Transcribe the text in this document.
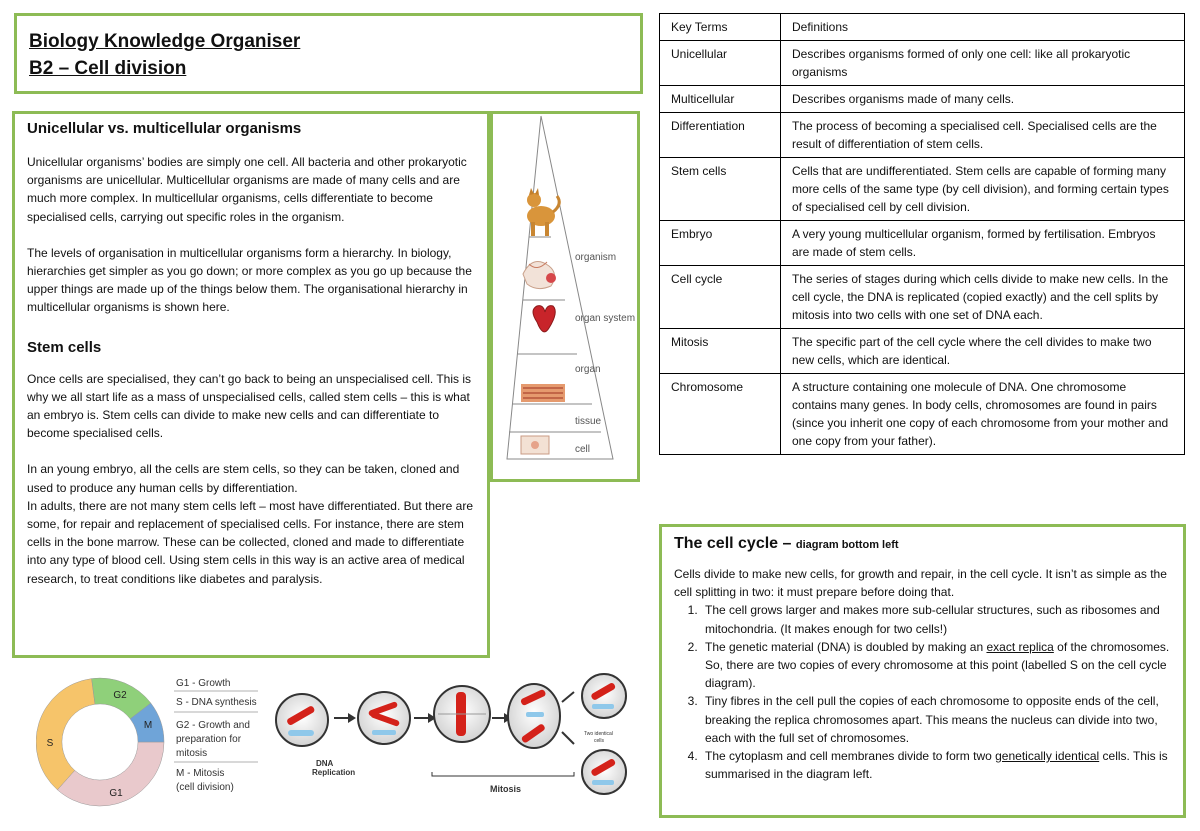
Biology Knowledge Organiser
B2 – Cell division

Unicellular vs. multicellular organisms

Unicellular organisms’ bodies are simply one cell. All bacteria and other prokaryotic organisms are unicellular. Multicellular organisms are made of many cells and are much more complex. In multicellular organisms, cells differentiate to become specialised cells, carrying out specific roles in the organism.

The levels of organisation in multicellular organisms form a hierarchy. In biology, hierarchies get simpler as you go down; or more complex as you go up because the upper things are made up of the things below them. The organisational hierarchy in multicellular organisms is shown here.

Stem cells

Once cells are specialised, they can’t go back to being an unspecialised cell. This is why we all start life as a mass of unspecialised cells, called stem cells – this is what an embryo is. Stem cells can divide to make new cells and can differentiate to become specialised cells.

In an young embryo, all the cells are stem cells, so they can be taken, cloned and used to produce any human cells by differentiation.

In adults, there are not many stem cells left – most have differentiated. But there are some, for repair and replacement of specialised cells. For instance, there are stem cells in the bone marrow. These can be collected, cloned and made to differentiate into any type of blood cell. Using stem cells in this way is an active area of medical research, to treat conditions like diabetes and paralysis.

organism
organ system
organ
tissue
cell
Key Terms	Definitions
Unicellular	Describes organisms formed of only one cell: like all prokaryotic organisms
Multicellular	Describes organisms made of many cells.
Differentiation	The process of becoming a specialised cell. Specialised cells are the result of differentiation of stem cells.
Stem cells	Cells that are undifferentiated. Stem cells are capable of forming many more cells of the same type (by cell division), and forming certain types of specialised cell by cell division.
Embryo	A very young multicellular organism, formed by fertilisation. Embryos are made of stem cells.
Cell cycle	The series of stages during which cells divide to make new cells. In the cell cycle, the DNA is replicated (copied exactly) and the cell splits by mitosis into two cells with one set of DNA each.
Mitosis	The specific part of the cell cycle where the cell divides to make two new cells, which are identical.
Chromosome	A structure containing one molecule of DNA. One chromosome contains many genes. In body cells, chromosomes are found in pairs (since you inherit one copy of each chromosome from your mother and one copy from your father).

The cell cycle – diagram bottom left

Cells divide to make new cells, for growth and repair, in the cell cycle. It isn’t as simple as the cell splitting in two: it must prepare before doing that.

1. The cell grows larger and makes more sub-cellular structures, such as ribosomes and mitochondria. (It makes enough for two cells!)
2. The genetic material (DNA) is doubled by making an exact replica of the chromosomes. So, there are two copies of every chromosome at this point (labelled S on the cell cycle diagram).
3. Tiny fibres in the cell pull the copies of each chromosome to opposite ends of the cell, breaking the replica chromosomes apart. This means the nucleus can divide into two, each with the full set of chromosomes.
4. The cytoplasm and cell membranes divide to form two genetically identical cells. This is summarised in the diagram left.
G2
M
G1
S
G1 - Growth
S - DNA synthesis
G2 - Growth and
preparation for
mitosis
M - Mitosis
(cell division)
DNA
Replication
Two identical
cells
Mitosis
